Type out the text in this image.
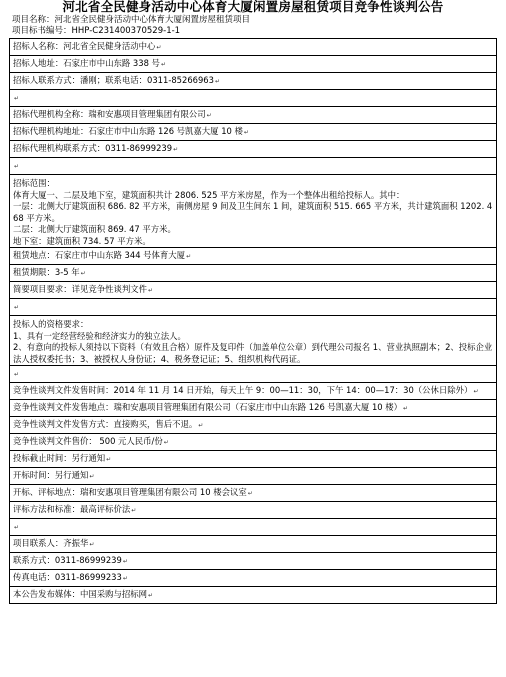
河北省全民健身活动中心体育大厦闲置房屋租赁项目竞争性谈判公告
项目名称：河北省全民健身活动中心体育大厦闲置房屋租赁项目
项目标书编号：HHP-C231400370529-1-1
招标人名称：河北省全民健身活动中心↵
招标人地址：石家庄市中山东路 338 号↵
招标人联系方式：潘刚；联系电话：0311-85266963↵
↵
招标代理机构全称：瑞和安惠项目管理集团有限公司↵
招标代理机构地址：石家庄市中山东路 126 号凯嘉大厦 10 楼↵
招标代理机构联系方式：0311-86999239↵
↵

招标范围：
体育大厦一、二层及地下室，建筑面积共计 2806. 525 平方米房屋，作为一个整体出租给投标人。其中：
一层：北侧大厅建筑面积 686. 82 平方米，南侧房屋 9 间及卫生间东 1 间，建筑面积 515. 665 平方米，共计建筑面积 1202. 468 平方米。
二层：北侧大厅建筑面积 869. 47 平方米。
地下室：建筑面积 734. 57 平方米。

租赁地点：石家庄市中山东路 344 号体育大厦↵
租赁期限：3-5 年↵
简要项目要求：详见竞争性谈判文件↵
↵

投标人的资格要求：
1、具有一定经营经验和经济实力的独立法人。
2、有意向的投标人须持以下资料（有效且合格）原件及复印件（加盖单位公章）到代理公司报名 1、营业执照副本；2、投标企业法人授权委托书；3、被授权人身份证；4、税务登记证；5、组织机构代码证。

↵
竞争性谈判文件发售时间：2014 年 11 月 14 日开始，每天上午 9：00—11：30，下午 14：00—17：30（公休日除外）↵
竞争性谈判文件发售地点：瑞和安惠项目管理集团有限公司（石家庄市中山东路 126 号凯嘉大厦 10 楼）↵
竞争性谈判文件发售方式：直接购买，售后不退。↵
竞争性谈判文件售价： 500 元人民币/份↵
投标截止时间：另行通知↵
开标时间：另行通知↵
开标、评标地点：瑞和安惠项目管理集团有限公司 10 楼会议室↵
评标方法和标准：最高评标价法↵
↵
项目联系人：齐振华↵
联系方式：0311-86999239↵
传真电话：0311-86999233↵
本公告发布媒体：中国采购与招标网↵
